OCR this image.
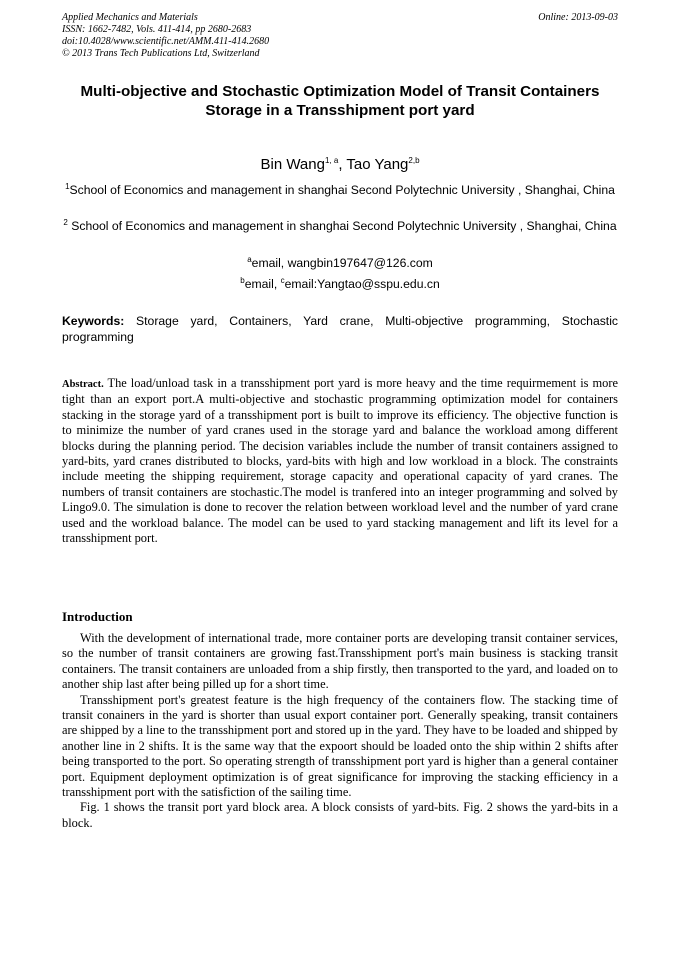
Applied Mechanics and Materials
ISSN: 1662-7482, Vols. 411-414, pp 2680-2683
doi:10.4028/www.scientific.net/AMM.411-414.2680
© 2013 Trans Tech Publications Ltd, Switzerland
Online: 2013-09-03
Multi-objective and Stochastic Optimization Model of Transit Containers Storage in a Transshipment port yard
Bin Wang$^{1, a}$, Tao Yang$^{2,b}$
$^1$School of Economics and management in shanghai Second Polytechnic University , Shanghai, China
$^2$ School of Economics and management in shanghai Second Polytechnic University , Shanghai, China
$^a$email, wangbin197647@126.com
$^b$email, $^c$email:Yangtao@sspu.edu.cn
Keywords: Storage yard, Containers, Yard crane, Multi-objective programming, Stochastic programming
Abstract. The load/unload task in a transshipment port yard is more heavy and the time requirmement is more tight than an export port.A multi-objective and stochastic programming optimization model for containers stacking in the storage yard of a transshipment port is built to improve its efficiency. The objective function is to minimize the number of yard cranes used in the storage yard and balance the workload among different blocks during the planning period. The decision variables include the number of transit containers assigned to yard-bits, yard cranes distributed to blocks, yard-bits with high and low workload in a block. The constraints include meeting the shipping requirement, storage capacity and operational capacity of yard cranes. The numbers of transit containers are stochastic.The model is tranfered into an integer programming and solved by Lingo9.0. The simulation is done to recover the relation between workload level and the number of yard crane used and the workload balance. The model can be used to yard stacking management and lift its level for a transshipment port.
Introduction

With the development of international trade, more container ports are developing transit container services, so the number of transit containers are growing fast.Transshipment port's main business is stacking transit containers. The transit containers are unloaded from a ship firstly, then transported to the yard, and loaded on to another ship last after being pilled up for a short time.

Transshipment port's greatest feature is the high frequency of the containers flow. The stacking time of transit conainers in the yard is shorter than usual export container port. Generally speaking, transit containers are shipped by a line to the transshipment port and stored up in the yard. They have to be loaded and shipped by another line in 2 shifts. It is the same way that the expoort should be loaded onto the ship within 2 shifts after being transported to the port. So operating strength of transshipment port yard is higher than a general container port. Equipment deployment optimization is of great significance for improving the stacking efficiency in a transshipment port with the satisfiction of the sailing time.

Fig. 1 shows the transit port yard block area. A block consists of yard-bits. Fig. 2 shows the yard-bits in a block.
